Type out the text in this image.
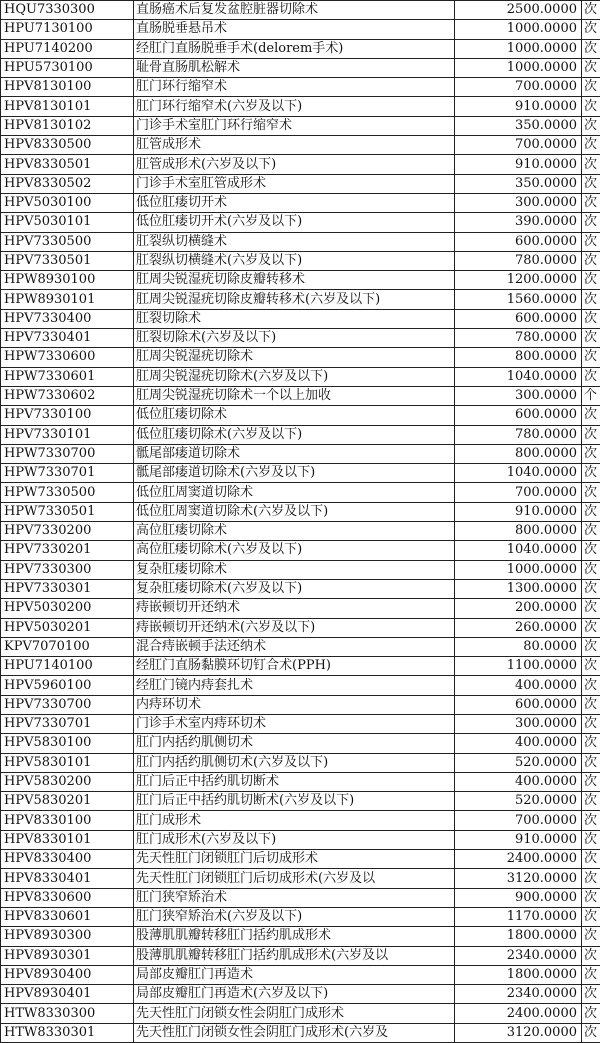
HQU7330300	直肠癌术后复发盆腔脏器切除术	2500.0000	次
HPU7130100	直肠脱垂悬吊术	1000.0000	次
HPU7140200	经肛门直肠脱垂手术(delorem手术)	1000.0000	次
HPU5730100	耻骨直肠肌松解术	1000.0000	次
HPV8130100	肛门环行缩窄术	700.0000	次
HPV8130101	肛门环行缩窄术(六岁及以下)	910.0000	次
HPV8130102	门诊手术室肛门环行缩窄术	350.0000	次
HPV8330500	肛管成形术	700.0000	次
HPV8330501	肛管成形术(六岁及以下)	910.0000	次
HPV8330502	门诊手术室肛管成形术	350.0000	次
HPV5030100	低位肛瘘切开术	300.0000	次
HPV5030101	低位肛瘘切开术(六岁及以下)	390.0000	次
HPV7330500	肛裂纵切横缝术	600.0000	次
HPV7330501	肛裂纵切横缝术(六岁及以下)	780.0000	次
HPW8930100	肛周尖锐湿疣切除皮瓣转移术	1200.0000	次
HPW8930101	肛周尖锐湿疣切除皮瓣转移术(六岁及以下)	1560.0000	次
HPV7330400	肛裂切除术	600.0000	次
HPV7330401	肛裂切除术(六岁及以下)	780.0000	次
HPW7330600	肛周尖锐湿疣切除术	800.0000	次
HPW7330601	肛周尖锐湿疣切除术(六岁及以下)	1040.0000	次
HPW7330602	肛周尖锐湿疣切除术一个以上加收	300.0000	个
HPV7330100	低位肛瘘切除术	600.0000	次
HPV7330101	低位肛瘘切除术(六岁及以下)	780.0000	次
HPW7330700	骶尾部瘘道切除术	800.0000	次
HPW7330701	骶尾部瘘道切除术(六岁及以下)	1040.0000	次
HPW7330500	低位肛周窦道切除术	700.0000	次
HPW7330501	低位肛周窦道切除术(六岁及以下)	910.0000	次
HPV7330200	高位肛瘘切除术	800.0000	次
HPV7330201	高位肛瘘切除术(六岁及以下)	1040.0000	次
HPV7330300	复杂肛瘘切除术	1000.0000	次
HPV7330301	复杂肛瘘切除术(六岁及以下)	1300.0000	次
HPV5030200	痔嵌顿切开还纳术	200.0000	次
HPV5030201	痔嵌顿切开还纳术(六岁及以下)	260.0000	次
KPV7070100	混合痔嵌顿手法还纳术	80.0000	次
HPU7140100	经肛门直肠黏膜环切钉合术(PPH)	1100.0000	次
HPV5960100	经肛门镜内痔套扎术	400.0000	次
HPV7330700	内痔环切术	600.0000	次
HPV7330701	门诊手术室内痔环切术	300.0000	次
HPV5830100	肛门内括约肌侧切术	400.0000	次
HPV5830101	肛门内括约肌侧切术(六岁及以下)	520.0000	次
HPV5830200	肛门后正中括约肌切断术	400.0000	次
HPV5830201	肛门后正中括约肌切断术(六岁及以下)	520.0000	次
HPV8330100	肛门成形术	700.0000	次
HPV8330101	肛门成形术(六岁及以下)	910.0000	次
HPV8330400	先天性肛门闭锁肛门后切成形术	2400.0000	次
HPV8330401	先天性肛门闭锁肛门后切成形术(六岁及以	3120.0000	次
HPV8330600	肛门狭窄矫治术	900.0000	次
HPV8330601	肛门狭窄矫治术(六岁及以下)	1170.0000	次
HPV8930300	股薄肌肌瓣转移肛门括约肌成形术	1800.0000	次
HPV8930301	股薄肌肌瓣转移肛门括约肌成形术(六岁及以	2340.0000	次
HPV8930400	局部皮瓣肛门再造术	1800.0000	次
HPV8930401	局部皮瓣肛门再造术(六岁及以下)	2340.0000	次
HTW8330300	先天性肛门闭锁女性会阴肛门成形术	2400.0000	次
HTW8330301	先天性肛门闭锁女性会阴肛门成形术(六岁及	3120.0000	次
